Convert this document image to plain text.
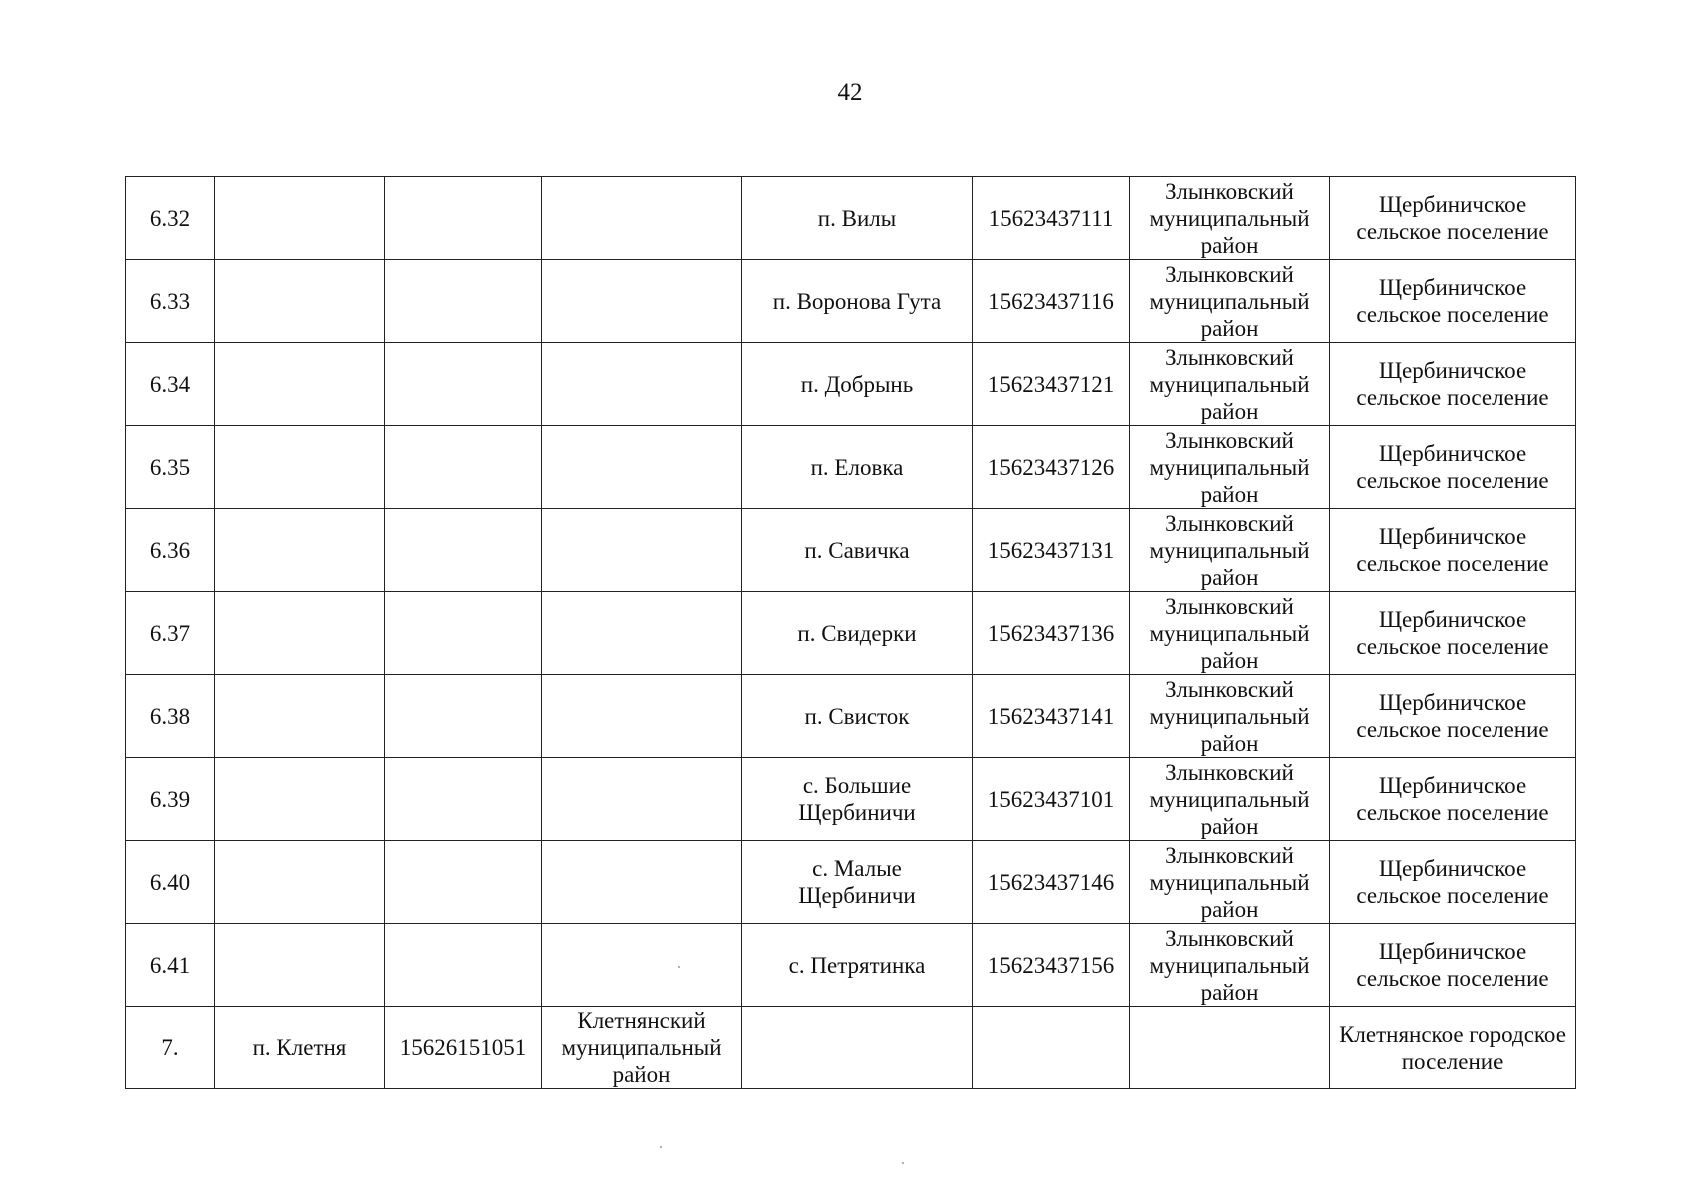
42
6.32				п. Вилы	15623437111	Злынковский муниципальный район	Щербиничское сельское поселение

6.33				п. Воронова Гута	15623437116	Злынковский муниципальный район	Щербиничское сельское поселение

6.34				п. Добрынь	15623437121	Злынковский муниципальный район	Щербиничское сельское поселение

6.35				п. Еловка	15623437126	Злынковский муниципальный район	Щербиничское сельское поселение

6.36				п. Савичка	15623437131	Злынковский муниципальный район	Щербиничское сельское поселение

6.37				п. Свидерки	15623437136	Злынковский муниципальный район	Щербиничское сельское поселение

6.38				п. Свисток	15623437141	Злынковский муниципальный район	Щербиничское сельское поселение

6.39				с. Большие
Щербиничи	15623437101	Злынковский муниципальный район	Щербиничское сельское поселение

6.40				с. Малые
Щербиничи	15623437146	Злынковский муниципальный район	Щербиничское сельское поселение

6.41				с. Петрятинка	15623437156	Злынковский муниципальный район	Щербиничское сельское поселение

7.	п. Клетня	15626151051	Клетнянский муниципальный район				Клетнянское городское поселение
